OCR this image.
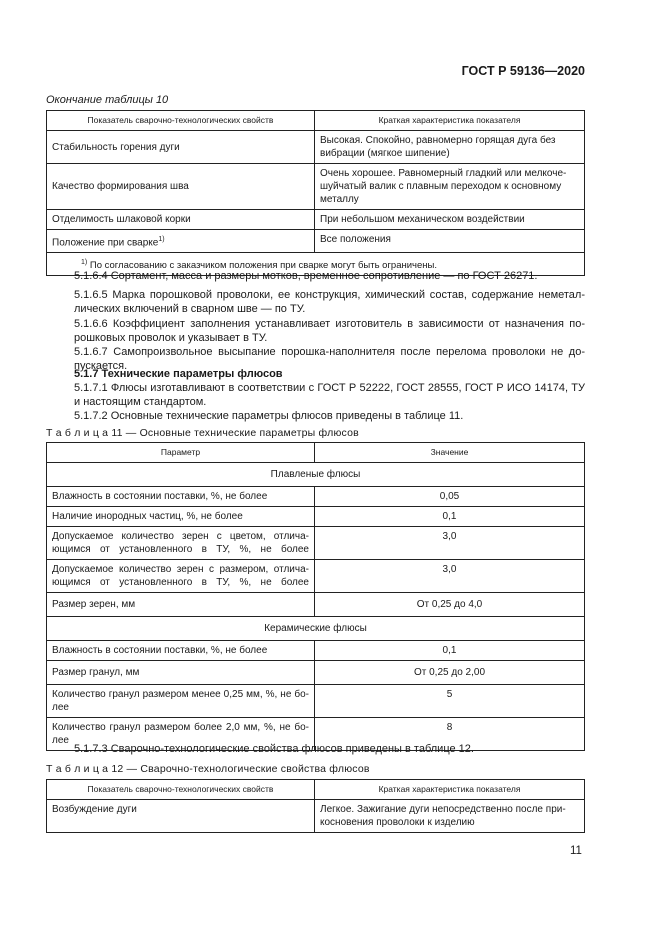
ГОСТ Р 59136—2020
Окончание таблицы 10
Показатель сварочно-технологических свойств	Краткая характеристика показателя
Стабильность горения дуги	Высокая. Спокойно, равномерно горящая дуга без вибрации (мягкое шипение)
Качество формирования шва	Очень хорошее. Равномерный гладкий или мелкоче-шуйчатый валик с плавным переходом к основному металлу
Отделимость шлаковой корки	При небольшом механическом воздействии
Положение при сварке$^{1)}$	Все положения
$^{1)}$ По согласованию с заказчиком положения при сварке могут быть ограничены.	
5.1.6.4 Сортамент, масса и размеры мотков, временное сопротивление — по ГОСТ 26271.
5.1.6.5 Марка порошковой проволоки, ее конструкция, химический состав, содержание неметал-лических включений в сварном шве — по ТУ.
5.1.6.6 Коэффициент заполнения устанавливает изготовитель в зависимости от назначения по-рошковых проволок и указывает в ТУ.
5.1.6.7 Самопроизвольное высыпание порошка-наполнителя после перелома проволоки не до-пускается.
5.1.7 Технические параметры флюсов
5.1.7.1 Флюсы изготавливают в соответствии с ГОСТ Р 52222, ГОСТ 28555, ГОСТ Р ИСО 14174, ТУ и настоящим стандартом.
5.1.7.2 Основные технические параметры флюсов приведены в таблице 11.
Т а б л и ц а 11 — Основные технические параметры флюсов
Параметр	Значение
Плавленые флюсы	
Влажность в состоянии поставки, %, не более	0,05
Наличие инородных частиц, %, не более	0,1
Допускаемое количество зерен с цветом, отлича-ющимся от установленного в ТУ, %, не более	3,0
Допускаемое количество зерен с размером, отлича-ющимся от установленного в ТУ, %, не более	3,0
Размер зерен, мм	От 0,25 до 4,0
Керамические флюсы	
Влажность в состоянии поставки, %, не более	0,1
Размер гранул, мм	От 0,25 до 2,00
Количество гранул размером менее 0,25 мм, %, не бо-лее	5
Количество гранул размером более 2,0 мм, %, не бо-лее	8
5.1.7.3 Сварочно-технологические свойства флюсов приведены в таблице 12.
Т а б л и ц а 12 — Сварочно-технологические свойства флюсов
Показатель сварочно-технологических свойств	Краткая характеристика показателя
Возбуждение дуги	Легкое. Зажигание дуги непосредственно после при-косновения проволоки к изделию
11
